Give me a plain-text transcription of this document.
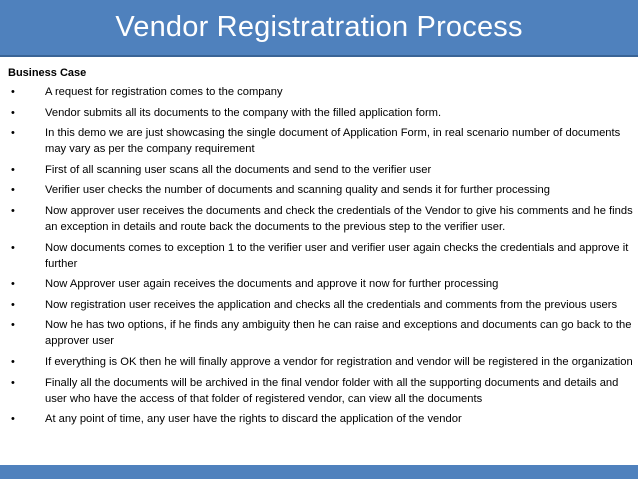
Vendor Registratration Process
Business Case
•	A request for registration comes to the company
•	Vendor submits all its documents to the company with the filled application form.
•	In this demo we are just showcasing the single document of Application Form, in real scenario number of documents may vary as per the company requirement
•	First of all scanning user scans all the documents and send to the verifier user
•	Verifier user checks the number of documents and scanning quality and sends it for further processing
•	Now approver user receives the documents and check the credentials of the Vendor to give his comments and he finds an exception in details and route back the documents to the previous step to the verifier user.
•	Now documents comes to exception 1 to the verifier user and verifier user again checks the credentials and approve it further
•	Now Approver user again receives the documents and approve it now for further processing
•	Now registration user receives the application and checks all the credentials and comments from the previous users
•	Now he has two options, if he finds any ambiguity then he can raise and exceptions and documents can go back to the approver user
•	If everything is OK then he will finally approve a vendor for registration and vendor will be registered in the organization
•	Finally all the documents will be archived in the final vendor folder with all the supporting documents and details and user who have the access of that folder of registered vendor, can view all the documents
•	At any point of time, any user have the rights to discard the application of the vendor
